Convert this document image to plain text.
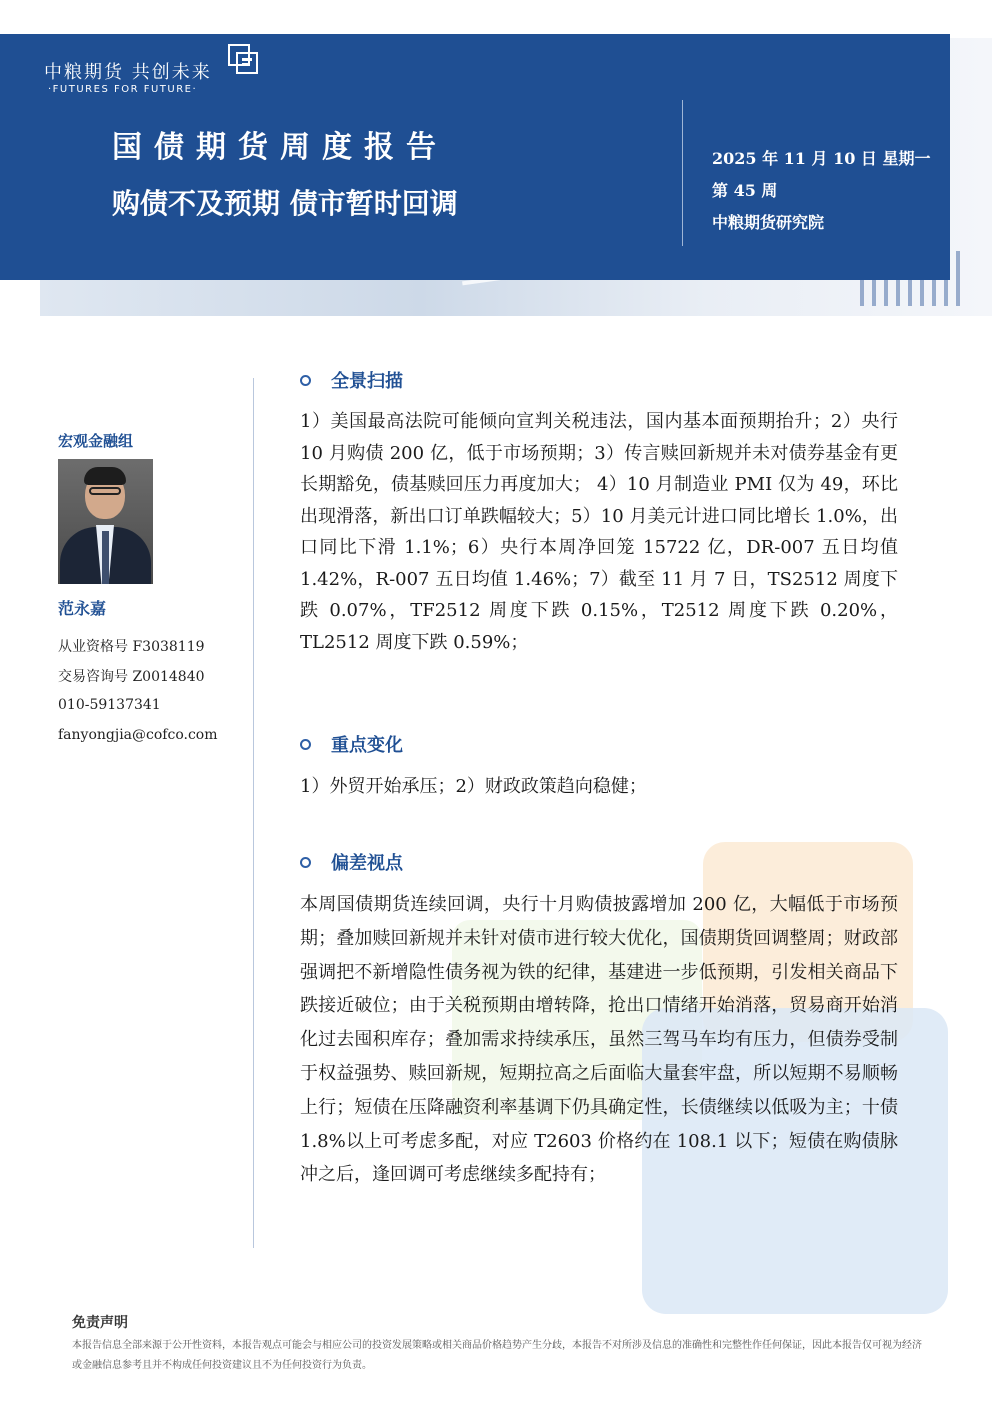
中粮期货 共创未来
·FUTURES FOR FUTURE·
国债期货周度报告
购债不及预期 债市暂时回调
2025 年 11 月 10 日 星期一
第 45 周
中粮期货研究院
宏观金融组
范永嘉
从业资格号 F3038119
交易咨询号 Z0014840
010-59137341
fanyongjia@cofco.com
全景扫描
1）美国最高法院可能倾向宣判关税违法，国内基本面预期抬升；2）央行 10 月购债 200 亿，低于市场预期；3）传言赎回新规并未对债券基金有更长期豁免，债基赎回压力再度加大； 4）10 月制造业 PMI 仅为 49，环比出现滑落，新出口订单跌幅较大；5）10 月美元计进口同比增长 1.0%，出口同比下滑 1.1%；6）央行本周净回笼 15722 亿，DR-007 五日均值 1.42%，R-007 五日均值 1.46%；7）截至 11 月 7 日，TS2512 周度下跌 0.07%，TF2512 周度下跌 0.15%，T2512 周度下跌 0.20%，TL2512 周度下跌 0.59%；
重点变化
1）外贸开始承压；2）财政政策趋向稳健；
偏差视点
本周国债期货连续回调，央行十月购债披露增加 200 亿，大幅低于市场预期；叠加赎回新规并未针对债市进行较大优化，国债期货回调整周；财政部强调把不新增隐性债务视为铁的纪律，基建进一步低预期，引发相关商品下跌接近破位；由于关税预期由增转降，抢出口情绪开始消落，贸易商开始消化过去囤积库存；叠加需求持续承压，虽然三驾马车均有压力，但债券受制于权益强势、赎回新规，短期拉高之后面临大量套牢盘，所以短期不易顺畅上行；短债在压降融资利率基调下仍具确定性，长债继续以低吸为主；十债 1.8%以上可考虑多配，对应 T2603 价格约在 108.1 以下；短债在购债脉冲之后，逢回调可考虑继续多配持有；
免责声明
本报告信息全部来源于公开性资料，本报告观点可能会与相应公司的投资发展策略或相关商品价格趋势产生分歧，本报告不对所涉及信息的准确性和完整性作任何保证，因此本报告仅可视为经济或金融信息参考且并不构成任何投资建议且不为任何投资行为负责。
